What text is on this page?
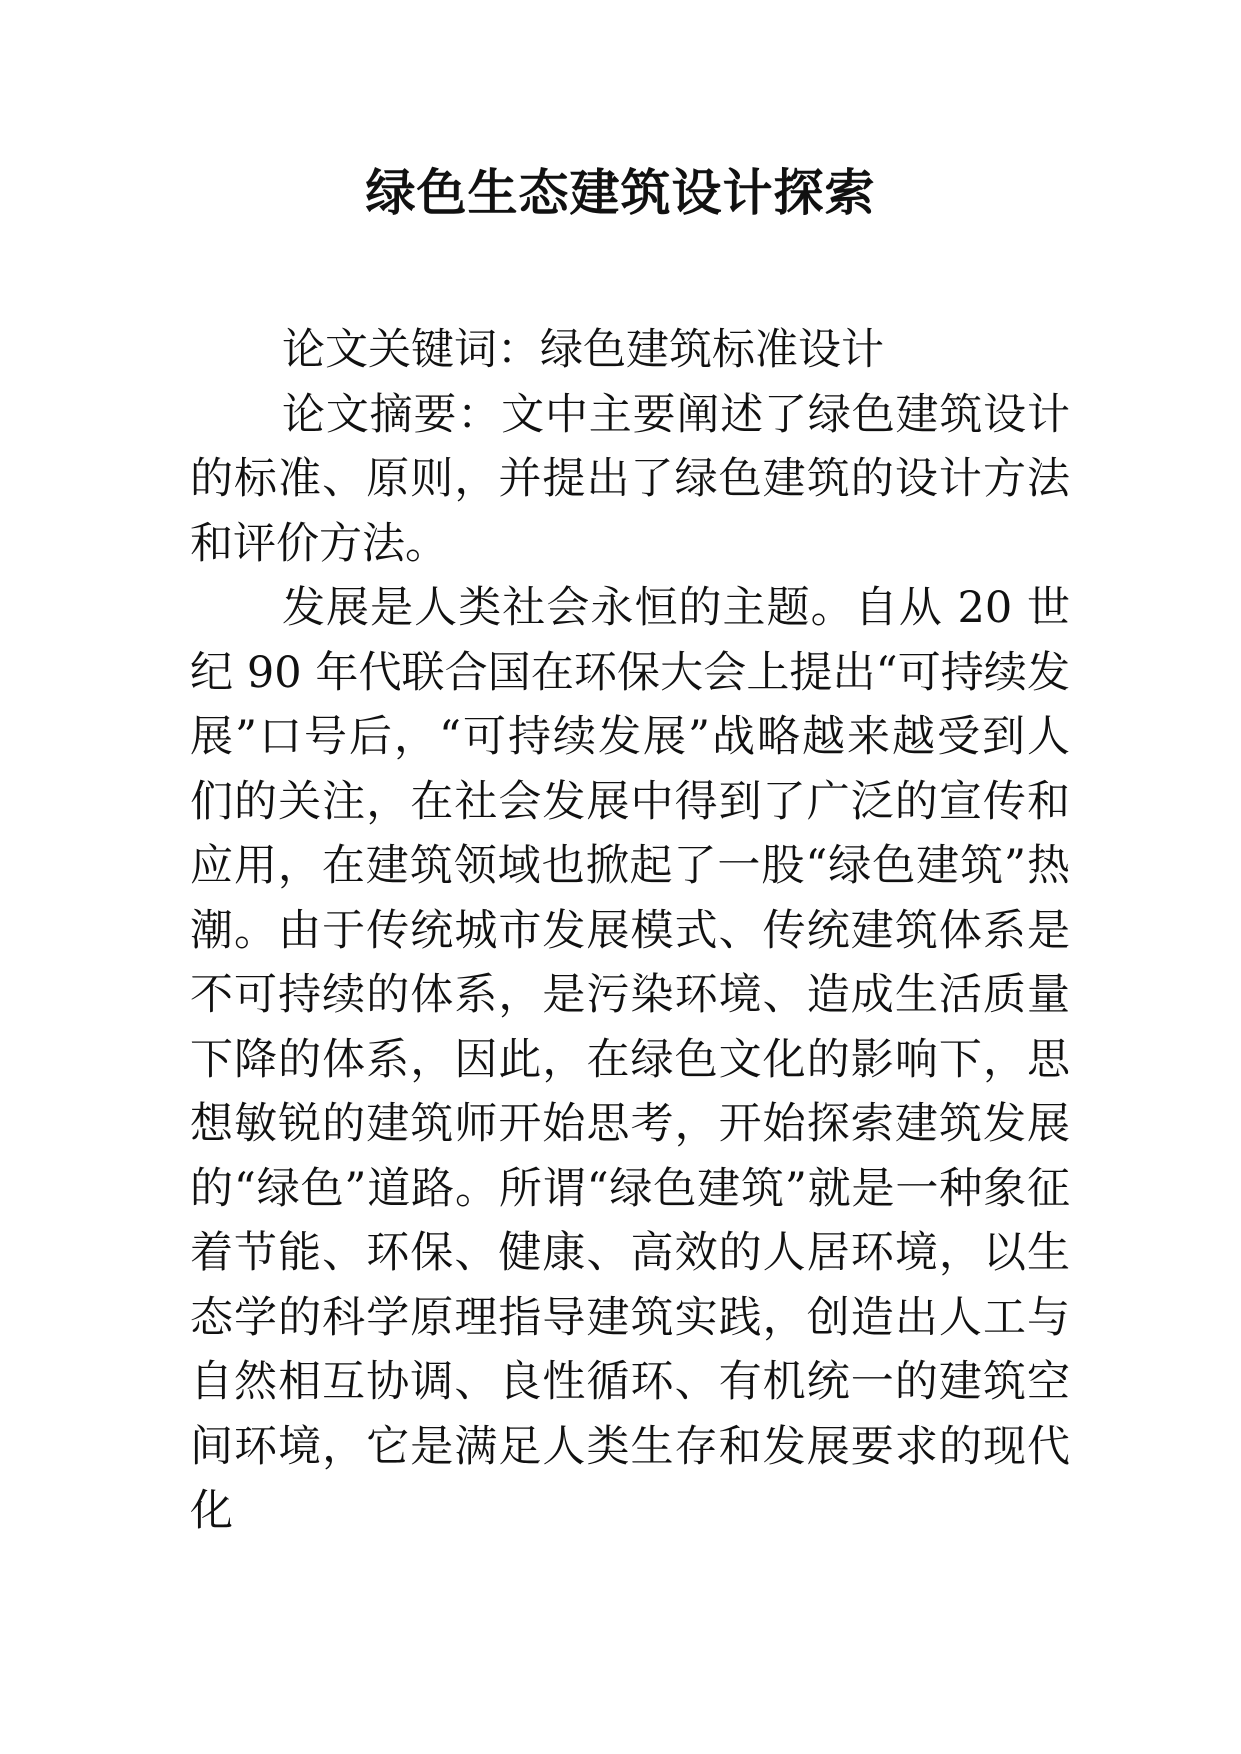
绿色生态建筑设计探索

论文关键词：绿色建筑标准设计

论文摘要：文中主要阐述了绿色建筑设计的标准、原则，并提出了绿色建筑的设计方法和评价方法。

发展是人类社会永恒的主题。自从 20 世纪 90 年代联合国在环保大会上提出“可持续发展”口号后，“可持续发展”战略越来越受到人们的关注，在社会发展中得到了广泛的宣传和应用，在建筑领域也掀起了一股“绿色建筑”热潮。由于传统城市发展模式、传统建筑体系是不可持续的体系，是污染环境、造成生活质量下降的体系，因此，在绿色文化的影响下，思想敏锐的建筑师开始思考，开始探索建筑发展的“绿色”道路。所谓“绿色建筑”就是一种象征着节能、环保、健康、高效的人居环境，以生态学的科学原理指导建筑实践，创造出人工与自然相互协调、良性循环、有机统一的建筑空间环境，它是满足人类生存和发展要求的现代化
